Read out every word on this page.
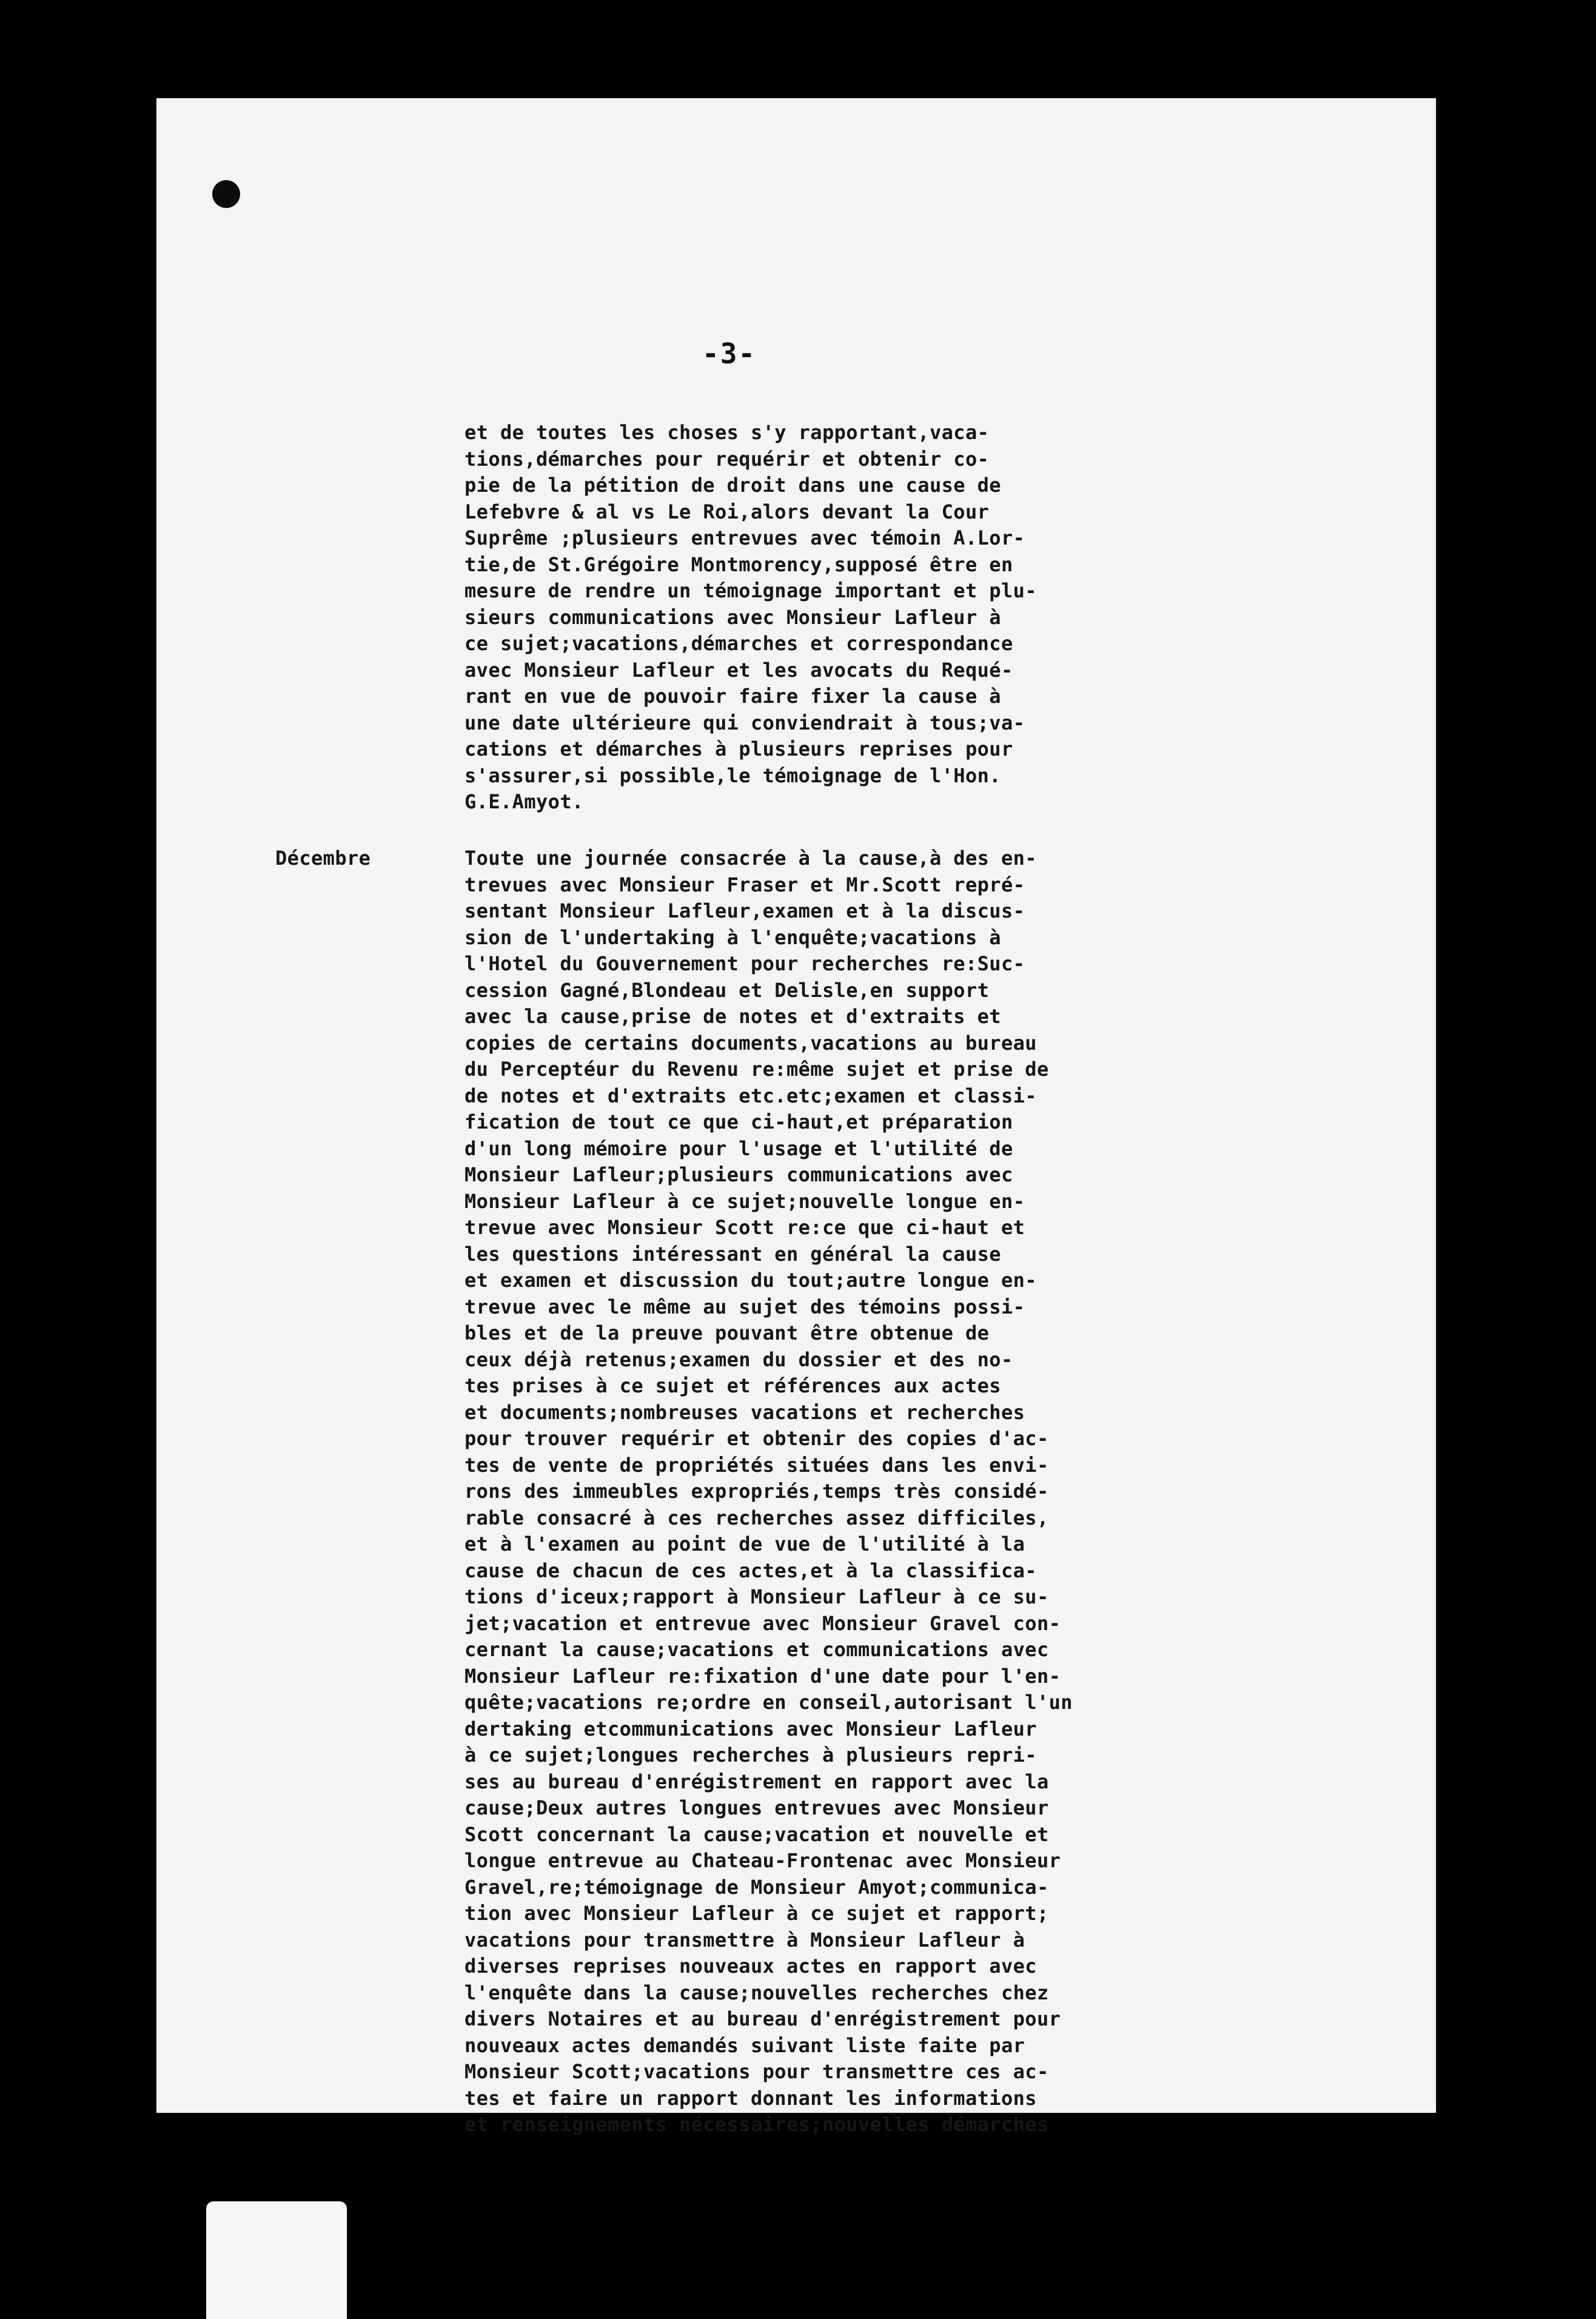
-3-
et de toutes les choses s'y rapportant,vaca-
tions,démarches pour requérir et obtenir co-
pie de la pétition de droit dans une cause de
Lefebvre & al vs Le Roi,alors devant la Cour
Suprême ;plusieurs entrevues avec témoin A.Lor-
tie,de St.Grégoire Montmorency,supposé être en
mesure de rendre un témoignage important et plu-
sieurs communications avec Monsieur Lafleur à
ce sujet;vacations,démarches et correspondance
avec Monsieur Lafleur et les avocats du Requé-
rant en vue de pouvoir faire fixer la cause à
une date ultérieure qui conviendrait à tous;va-
cations et démarches à plusieurs reprises pour
s'assurer,si possible,le témoignage de l'Hon.
G.E.Amyot.
Décembre	Toute une journée consacrée à la cause,à des en-
trevues avec Monsieur Fraser et Mr.Scott repré-
sentant Monsieur Lafleur,examen et à la discus-
sion de l'undertaking à l'enquête;vacations à
l'Hotel du Gouvernement pour recherches re:Suc-
cession Gagné,Blondeau et Delisle,en support
avec la cause,prise de notes et d'extraits et
copies de certains documents,vacations au bureau
du Perceptéur du Revenu re:même sujet et prise de
de notes et d'extraits etc.etc;examen et classi-
fication de tout ce que ci-haut,et préparation
d'un long mémoire pour l'usage et l'utilité de
Monsieur Lafleur;plusieurs communications avec
Monsieur Lafleur à ce sujet;nouvelle longue en-
trevue avec Monsieur Scott re:ce que ci-haut et
les questions intéressant en général la cause
et examen et discussion du tout;autre longue en-
trevue avec le même au sujet des témoins possi-
bles et de la preuve pouvant être obtenue de
ceux déjà retenus;examen du dossier et des no-
tes prises à ce sujet et références aux actes
et documents;nombreuses vacations et recherches
pour trouver requérir et obtenir des copies d'ac-
tes de vente de propriétés situées dans les envi-
rons des immeubles expropriés,temps très considé-
rable consacré à ces recherches assez difficiles,
et à l'examen au point de vue de l'utilité à la
cause de chacun de ces actes,et à la classifica-
tions d'iceux;rapport à Monsieur Lafleur à ce su-
jet;vacation et entrevue avec Monsieur Gravel con-
cernant la cause;vacations et communications avec
Monsieur Lafleur re:fixation d'une date pour l'en-
quête;vacations re;ordre en conseil,autorisant l'un
dertaking etcommunications avec Monsieur Lafleur
à ce sujet;longues recherches à plusieurs repri-
ses au bureau d'enrégistrement en rapport avec la
cause;Deux autres longues entrevues avec Monsieur
Scott concernant la cause;vacation et nouvelle et
longue entrevue au Chateau-Frontenac avec Monsieur
Gravel,re;témoignage de Monsieur Amyot;communica-
tion avec Monsieur Lafleur à ce sujet et rapport;
vacations pour transmettre à Monsieur Lafleur à
diverses reprises nouveaux actes en rapport avec
l'enquête dans la cause;nouvelles recherches chez
divers Notaires et au bureau d'enrégistrement pour
nouveaux actes demandés suivant liste faite par
Monsieur Scott;vacations pour transmettre ces ac-
tes et faire un rapport donnant les informations
et renseignements nécessaires;nouvelles démarches
